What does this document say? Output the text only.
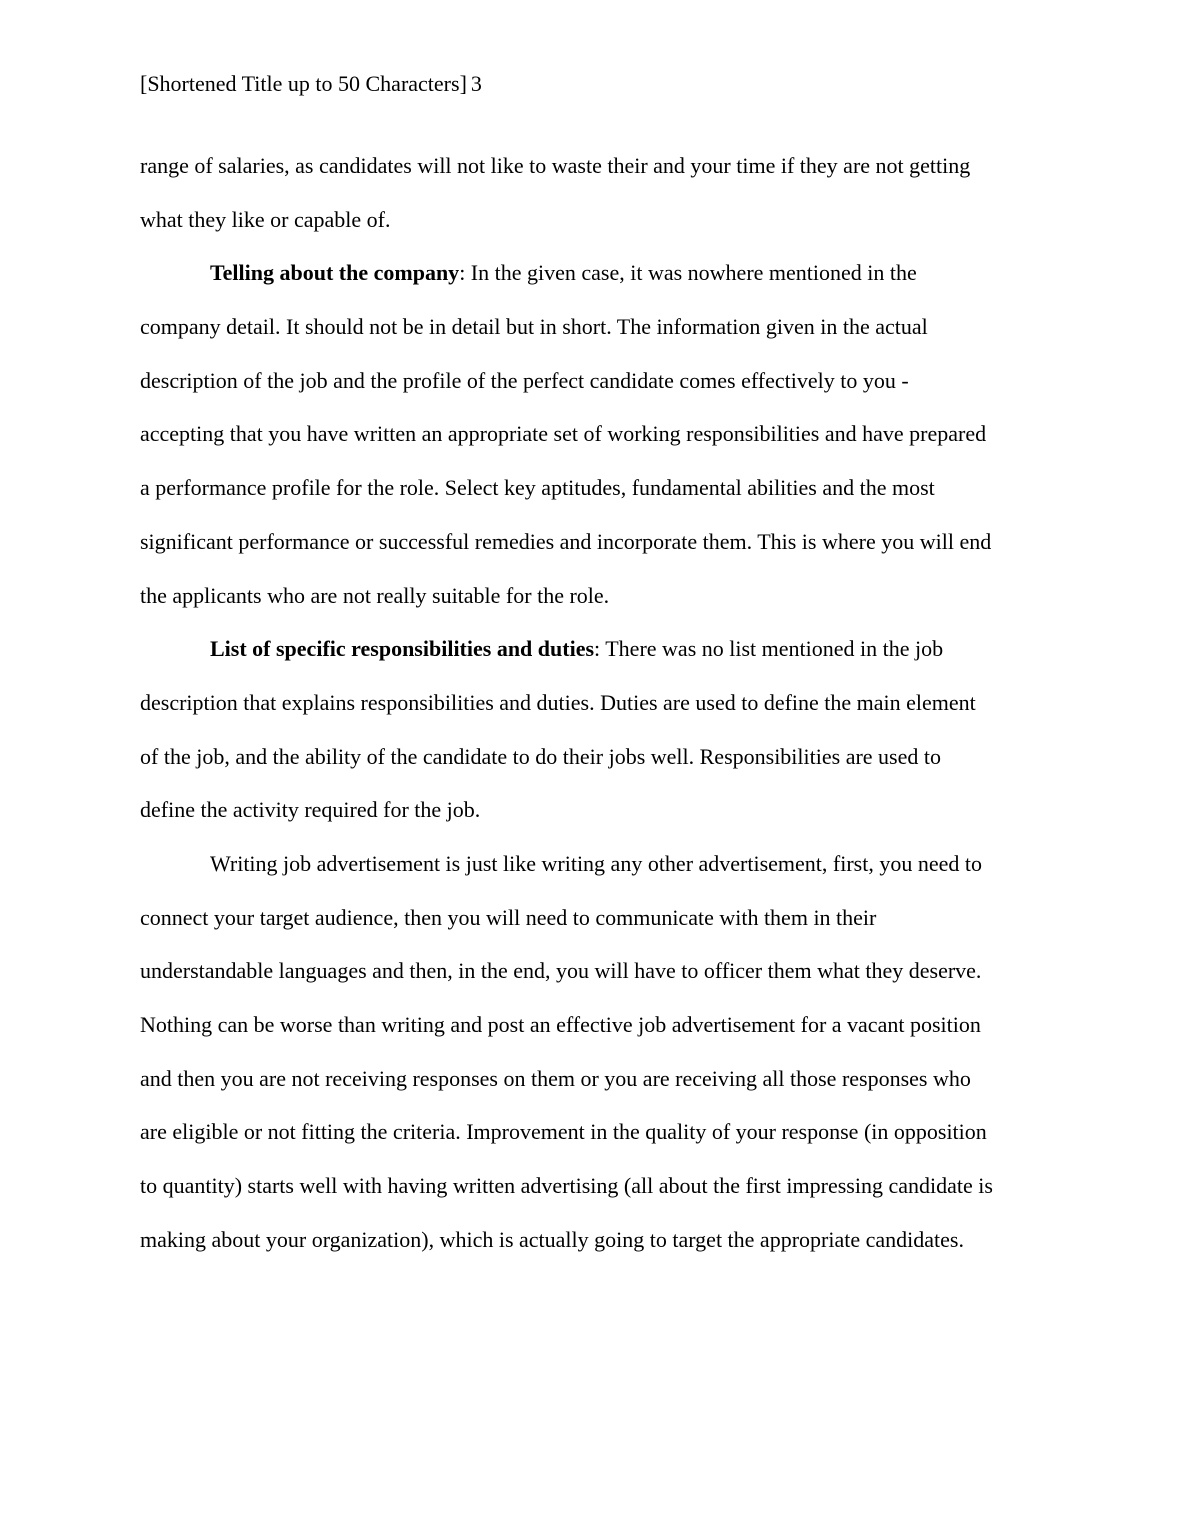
[Shortened Title up to 50 Characters] 3
range of salaries, as candidates will not like to waste their and your time if they are not getting
what they like or capable of.
Telling about the company: In the given case, it was nowhere mentioned in the
company detail. It should not be in detail but in short. The information given in the actual
description of the job and the profile of the perfect candidate comes effectively to you -
accepting that you have written an appropriate set of working responsibilities and have prepared
a performance profile for the role. Select key aptitudes, fundamental abilities and the most
significant performance or successful remedies and incorporate them. This is where you will end
the applicants who are not really suitable for the role.
List of specific responsibilities and duties: There was no list mentioned in the job
description that explains responsibilities and duties. Duties are used to define the main element
of the job, and the ability of the candidate to do their jobs well. Responsibilities are used to
define the activity required for the job.
Writing job advertisement is just like writing any other advertisement, first, you need to
connect your target audience, then you will need to communicate with them in their
understandable languages and then, in the end, you will have to officer them what they deserve.
Nothing can be worse than writing and post an effective job advertisement for a vacant position
and then you are not receiving responses on them or you are receiving all those responses who
are eligible or not fitting the criteria. Improvement in the quality of your response (in opposition
to quantity) starts well with having written advertising (all about the first impressing candidate is
making about your organization), which is actually going to target the appropriate candidates.
